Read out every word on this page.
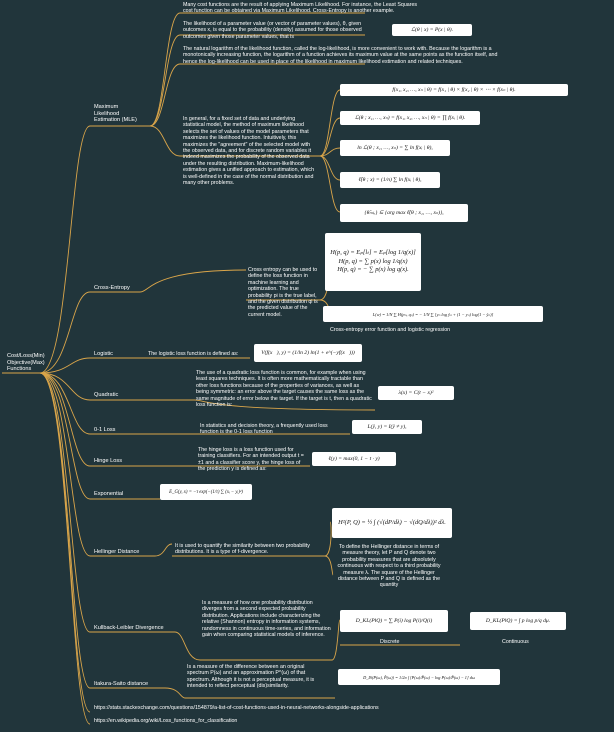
Cost/Loss(Min)
Objective(Max)
Functions
Maximum
Likelihood
Estimation (MLE)
Many cost functions are the result of applying Maximum Likelihood. For instance, the Least Squares cost function can be obtained via Maximum Likelihood. Cross-Entropy is another example.
The likelihood of a parameter value (or vector of parameter values), θ, given outcomes x, is equal to the probability (density) assumed for those observed outcomes given those parameter values, that is
ℒ(θ | x) = P(x | θ).
The natural logarithm of the likelihood function, called the log-likelihood, is more convenient to work with. Because the logarithm is a monotonically increasing function, the logarithm of a function achieves its maximum value at the same points as the function itself, and hence the log-likelihood can be used in place of the likelihood in maximum likelihood estimation and related techniques.
In general, for a fixed set of data and underlying statistical model, the method of maximum likelihood selects the set of values of the model parameters that maximizes the likelihood function. Intuitively, this maximizes the "agreement" of the selected model with the observed data, and for discrete random variables it indeed maximizes the probability of the observed data under the resulting distribution. Maximum-likelihood estimation gives a unified approach to estimation, which is well-defined in the case of the normal distribution and many other problems.
f(x₁, x₂, …, xₙ | θ) = f(x₁ | θ) × f(x₂ | θ) × ⋯ × f(xₙ | θ).
ℒ(θ ; x₁, …, xₙ) = f(x₁, x₂, …, xₙ | θ) = ∏ f(xᵢ | θ).
ln ℒ(θ ; x₁, …, xₙ) = ∑ ln f(xᵢ | θ),
ℓ̂(θ ; x) = (1/n) ∑ ln f(xᵢ | θ),
{θ̂ₘₗₑ} ⊆ {arg max ℓ̂(θ ; x₁, …, xₙ)},
Cross-Entropy
Cross entropy can be used to define the loss function in machine learning and optimization. The true probability pi is the true label, and the given distribution qi is the predicted value of the current model.
H(p, q) = Eₚ[lₜ] = Eₚ[log 1/q(x)]
H(p, q) = ∑ p(x) log 1/q(x)
H(p, q) = − ∑ p(x) log q(x).
L(w) = 1/N ∑ H(pₙ, qₙ) = − 1/N ∑ [yₙ log ŷₙ + (1 − yₙ) log(1 − ŷₙ)]
Cross-entropy error function and logistic regression
Logistic	The logistic loss function is defined as:	V(f(x⃗), y) = (1/ln 2) ln(1 + e^(−yf(x⃗)))
Quadratic
The use of a quadratic loss function is common, for example when using least squares techniques. It is often more mathematically tractable than other loss functions because of the properties of variances, as well as being symmetric: an error above the target causes the same loss as the same magnitude of error below the target. If the target is t, then a quadratic loss function is:
λ(x) = C(t − x)²
0-1 Loss
In statistics and decision theory, a frequently used loss function is the 0-1 loss function
L(ŷ, y) = I(ŷ ≠ y),
Hinge Loss
The hinge loss is a loss function used for training classifiers. For an intended output t = ±1 and a classifier score y, the hinge loss of the prediction y is defined as:
ℓ(y) = max(0, 1 − t · y)
Exponential	E_G(y, x) = −τ exp(−(1/τ) ∑ (xᵢ − yᵢ)²)
Hellinger Distance
It is used to quantify the similarity between two probability distributions. It is a type of f-divergence.
H²(P, Q) = ½ ∫ (√(dP/dλ) − √(dQ/dλ))² dλ.
To define the Hellinger distance in terms of measure theory, let P and Q denote two probability measures that are absolutely continuous with respect to a third probability measure λ. The square of the Hellinger distance between P and Q is defined as the quantity
Kullback-Leibler Divergence
Is a measure of how one probability distribution diverges from a second expected probability distribution. Applications include characterizing the relative (Shannon) entropy in information systems, randomness in continuous time-series, and information gain when comparing statistical models of inference.
D_KL(P‖Q) = ∑ P(i) log P(i)/Q(i)	D_KL(P‖Q) = ∫ p log p/q dμ.
Discrete	Continuous
Itakura-Saito distance
Is a measure of the difference between an original spectrum P(ω) and an approximation P^(ω) of that spectrum. Although it is not a perceptual measure, it is intended to reflect perceptual (dis)similarity.
D_IS(P(ω), P̂(ω)) = 1/2π ∫ [P(ω)/P̂(ω) − log P(ω)/P̂(ω) − 1] dω
https://stats.stackexchange.com/questions/154879/a-list-of-cost-functions-used-in-neural-networks-alongside-applications
https://en.wikipedia.org/wiki/Loss_functions_for_classification
